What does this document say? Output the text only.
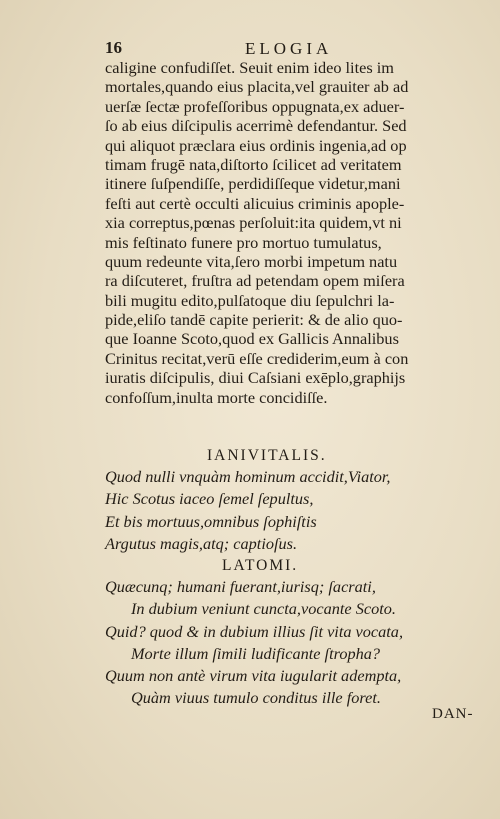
16	ELOGIA
caligine confudiſſet. Seuit enim ideo lites im
mortales,quando eius placita,vel grauiter ab ad
uerſæ ſectæ profeſſoribus oppugnata,ex aduer-
ſo ab eius diſcipulis acerrimè defendantur. Sed
qui aliquot præclara eius ordinis ingenia,ad op
timam frugē nata,diſtorto ſcilicet ad veritatem
itinere ſuſpendiſſe, perdidiſſeque videtur,mani
feſti aut certè occulti alicuius criminis apople-
xia correptus,pœnas perſoluit:ita quidem,vt ni
mis feſtinato funere pro mortuo tumulatus,
quum redeunte vita,ſero morbi impetum natu
ra diſcuteret, fruſtra ad petendam opem miſera
bili mugitu edito,pulſatoque diu ſepulchri la-
pide,eliſo tandē capite perierit: & de alio quo-
que Ioanne Scoto,quod ex Gallicis Annalibus
Crinitus recitat,verū eſſe crediderim,eum à con
iuratis diſcipulis, diui Caſsiani exēplo,graphijs
confoſſum,inulta morte concidiſſe.
IANIVITALIS.
Quod nulli vnquàm hominum accidit,Viator,
Hic Scotus iaceo ſemel ſepultus,
Et bis mortuus,omnibus ſophiſtis
Argutus magis,atq; captioſus.
LATOMI.
Quæcunq; humani fuerant,iurisq; ſacrati,
In dubium veniunt cuncta,vocante Scoto.
Quid? quod & in dubium illius ſit vita vocata,
Morte illum ſimili ludificante ſtropha?
Quum non antè virum vita iugularit adempta,
Quàm viuus tumulo conditus ille foret.
DAN-
